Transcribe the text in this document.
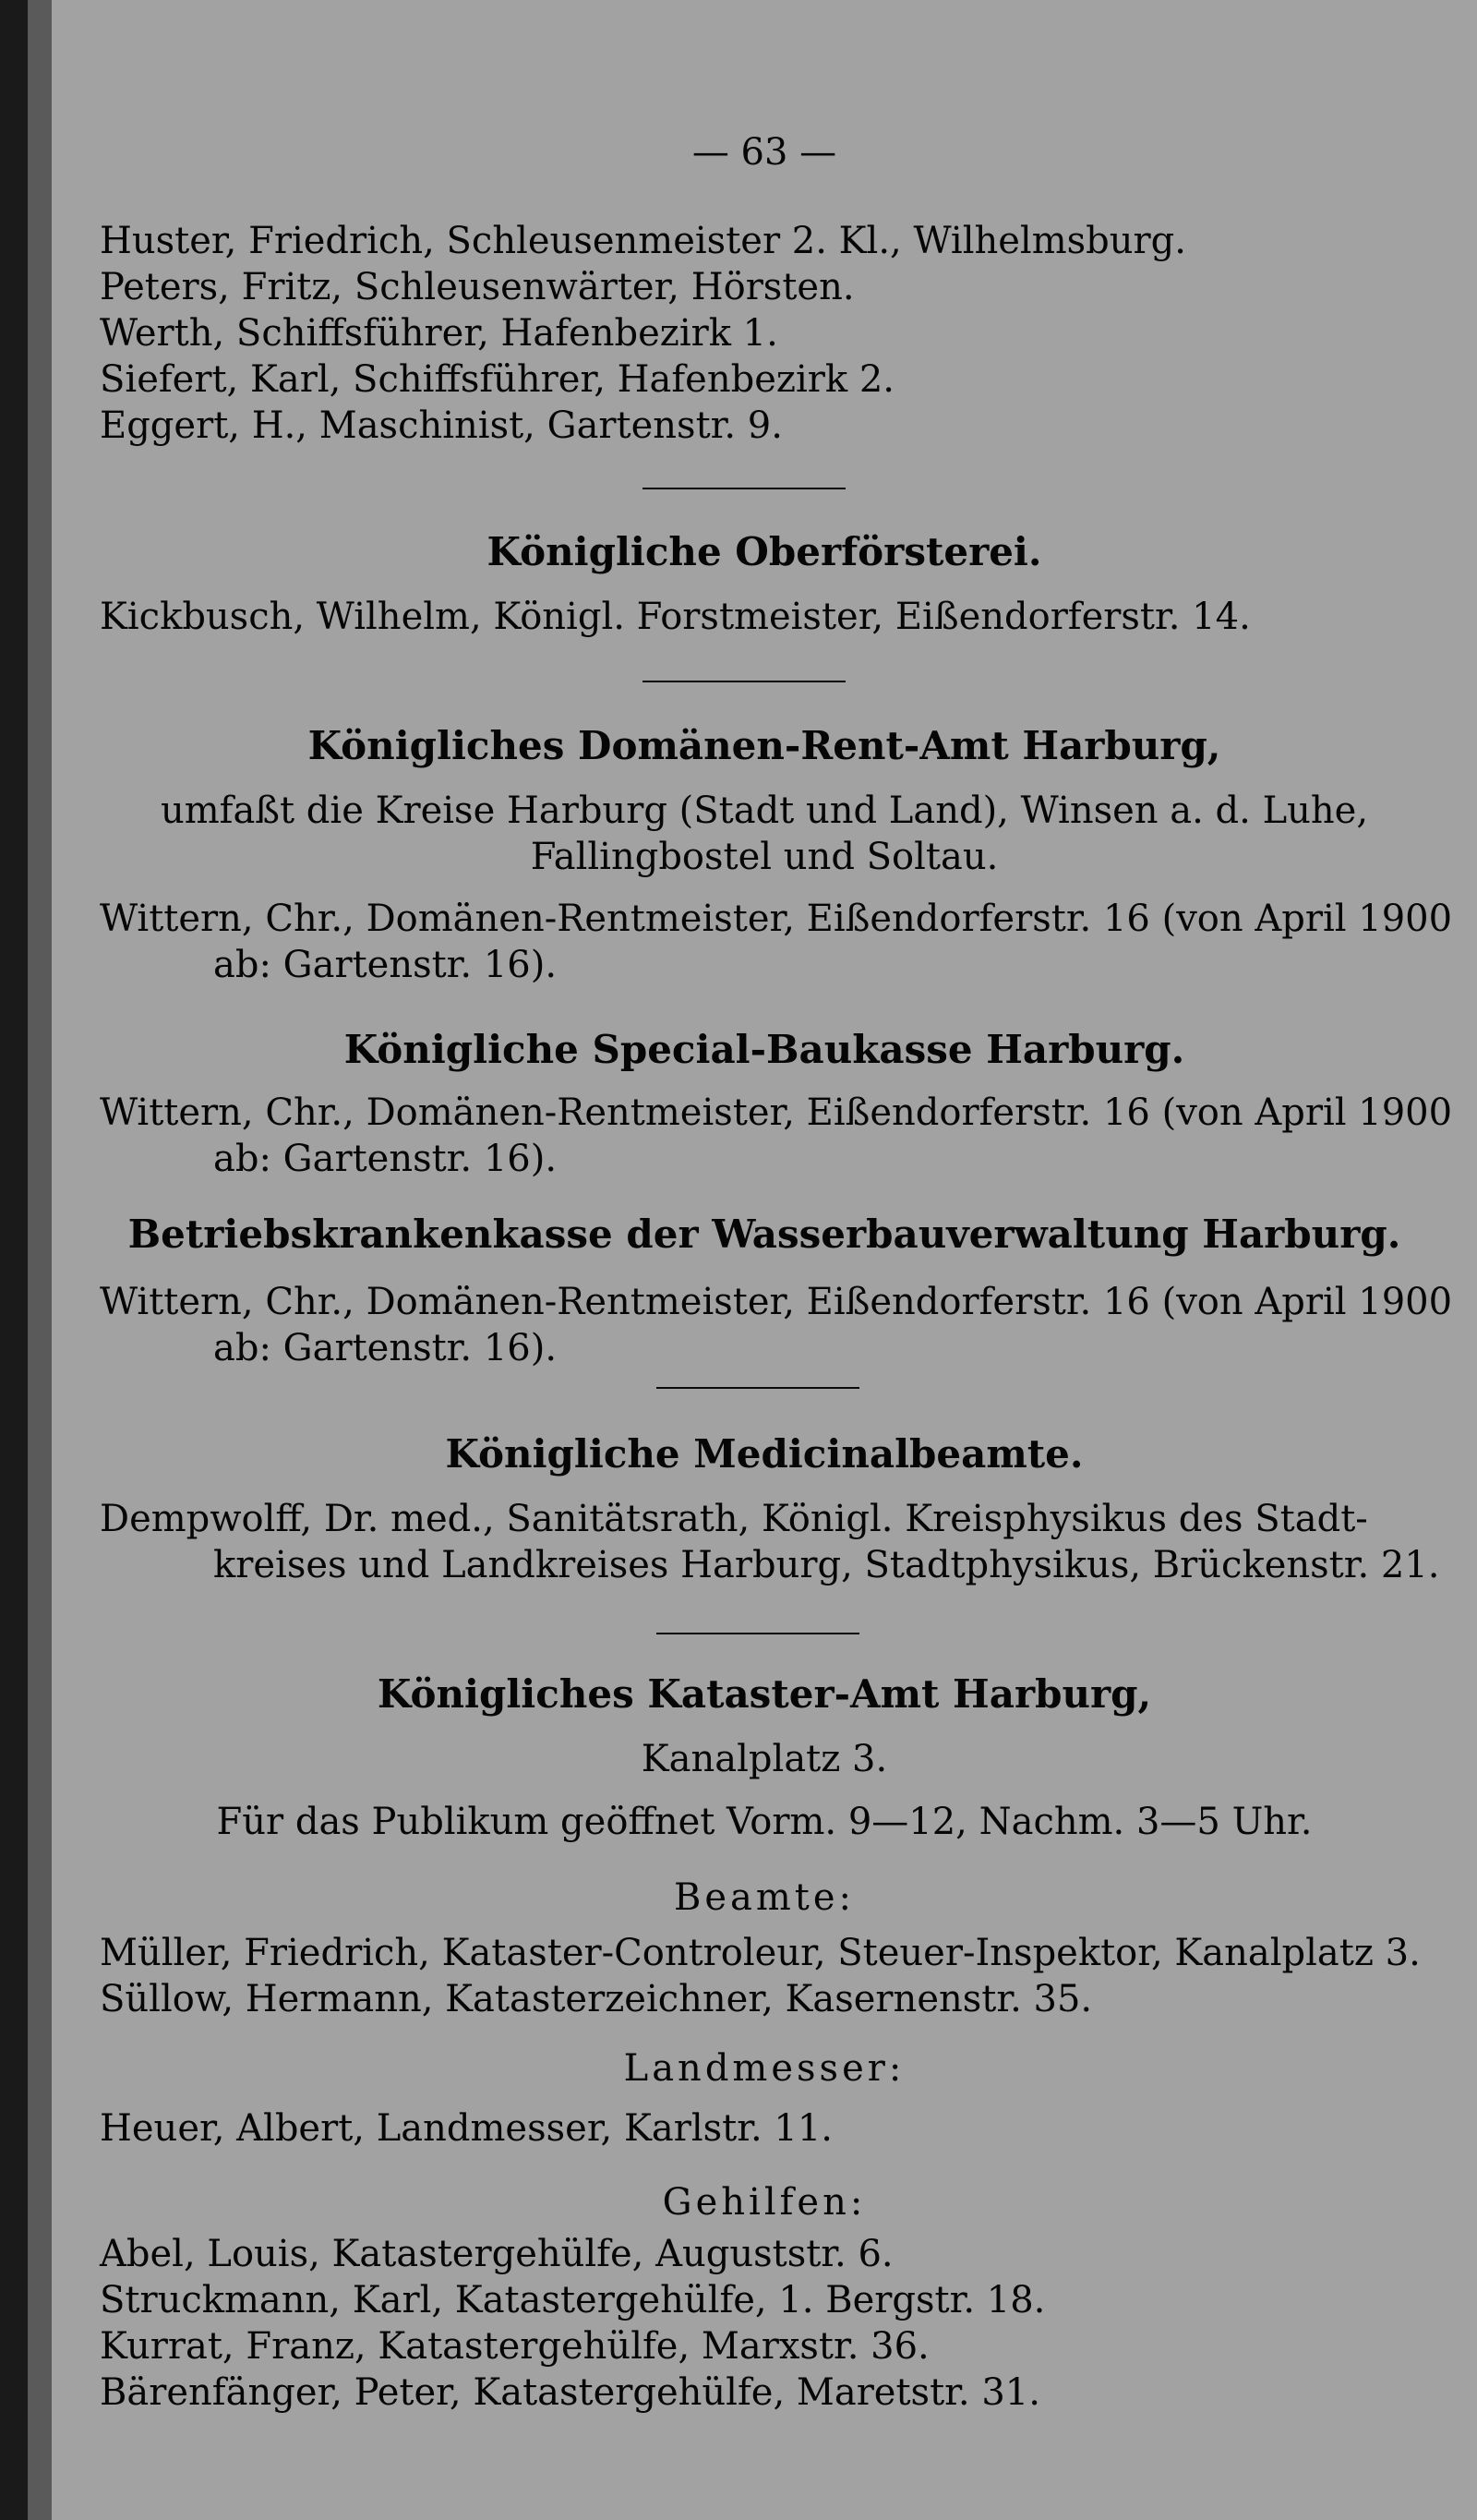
— 63 —
Huster, Friedrich, Schleusenmeister 2. Kl., Wilhelmsburg.
Peters, Fritz, Schleusenwärter, Hörsten.
Werth, Schiffsführer, Hafenbezirk 1.
Siefert, Karl, Schiffsführer, Hafenbezirk 2.
Eggert, H., Maschinist, Gartenstr. 9.
Königliche Oberförsterei.
Kickbusch, Wilhelm, Königl. Forstmeister, Eißendorferstr. 14.
Königliches Domänen-Rent-Amt Harburg,
umfaßt die Kreise Harburg (Stadt und Land), Winsen a. d. Luhe,
Fallingbostel und Soltau.
Wittern, Chr., Domänen-Rentmeister, Eißendorferstr. 16 (von April 1900
ab: Gartenstr. 16).
Königliche Special-Baukasse Harburg.
Wittern, Chr., Domänen-Rentmeister, Eißendorferstr. 16 (von April 1900
ab: Gartenstr. 16).
Betriebskrankenkasse der Wasserbauverwaltung Harburg.
Wittern, Chr., Domänen-Rentmeister, Eißendorferstr. 16 (von April 1900
ab: Gartenstr. 16).
Königliche Medicinalbeamte.
Dempwolff, Dr. med., Sanitätsrath, Königl. Kreisphysikus des Stadt-
kreises und Landkreises Harburg, Stadtphysikus, Brückenstr. 21.
Königliches Kataster-Amt Harburg,
Kanalplatz 3.
Für das Publikum geöffnet Vorm. 9—12, Nachm. 3—5 Uhr.
Beamte:
Müller, Friedrich, Kataster-Controleur, Steuer-Inspektor, Kanalplatz 3.
Süllow, Hermann, Katasterzeichner, Kasernenstr. 35.
Landmesser:
Heuer, Albert, Landmesser, Karlstr. 11.
Gehilfen:
Abel, Louis, Katastergehülfe, Auguststr. 6.
Struckmann, Karl, Katastergehülfe, 1. Bergstr. 18.
Kurrat, Franz, Katastergehülfe, Marxstr. 36.
Bärenfänger, Peter, Katastergehülfe, Maretstr. 31.
